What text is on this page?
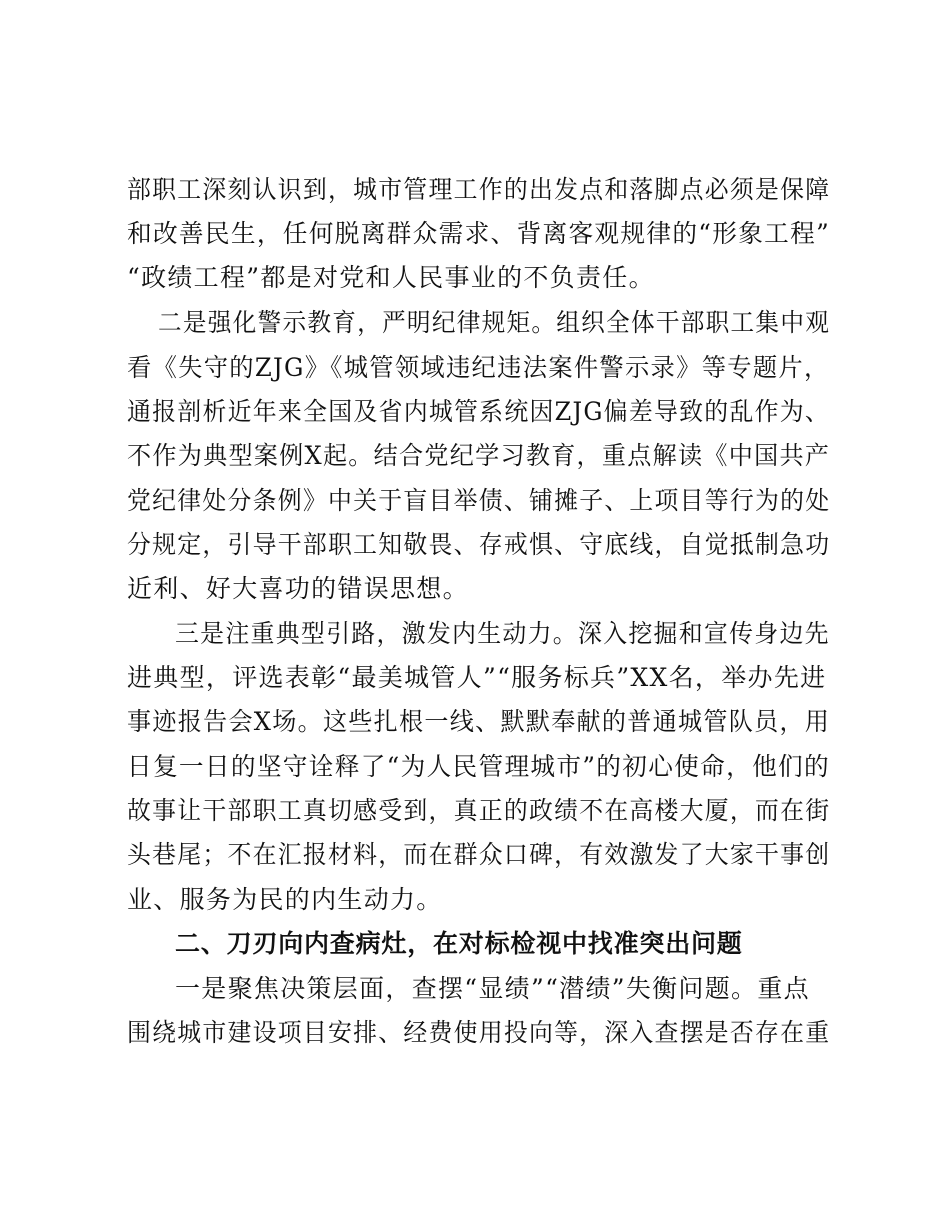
部职工深刻认识到，城市管理工作的出发点和落脚点必须是保障
和改善民生，任何脱离群众需求、背离客观规律的“形象工程”
“政绩工程”都是对党和人民事业的不负责任。
二是强化警示教育，严明纪律规矩。组织全体干部职工集中观
看《失守的ZJG》《城管领域违纪违法案件警示录》等专题片，
通报剖析近年来全国及省内城管系统因ZJG偏差导致的乱作为、
不作为典型案例X起。结合党纪学习教育，重点解读《中国共产
党纪律处分条例》中关于盲目举债、铺摊子、上项目等行为的处
分规定，引导干部职工知敬畏、存戒惧、守底线，自觉抵制急功
近利、好大喜功的错误思想。
三是注重典型引路，激发内生动力。深入挖掘和宣传身边先
进典型，评选表彰“最美城管人”“服务标兵”XX名，举办先进
事迹报告会X场。这些扎根一线、默默奉献的普通城管队员，用
日复一日的坚守诠释了“为人民管理城市”的初心使命，他们的
故事让干部职工真切感受到，真正的政绩不在高楼大厦，而在街
头巷尾；不在汇报材料，而在群众口碑，有效激发了大家干事创
业、服务为民的内生动力。
二、刀刃向内查病灶，在对标检视中找准突出问题
一是聚焦决策层面，查摆“显绩”“潜绩”失衡问题。重点
围绕城市建设项目安排、经费使用投向等，深入查摆是否存在重
